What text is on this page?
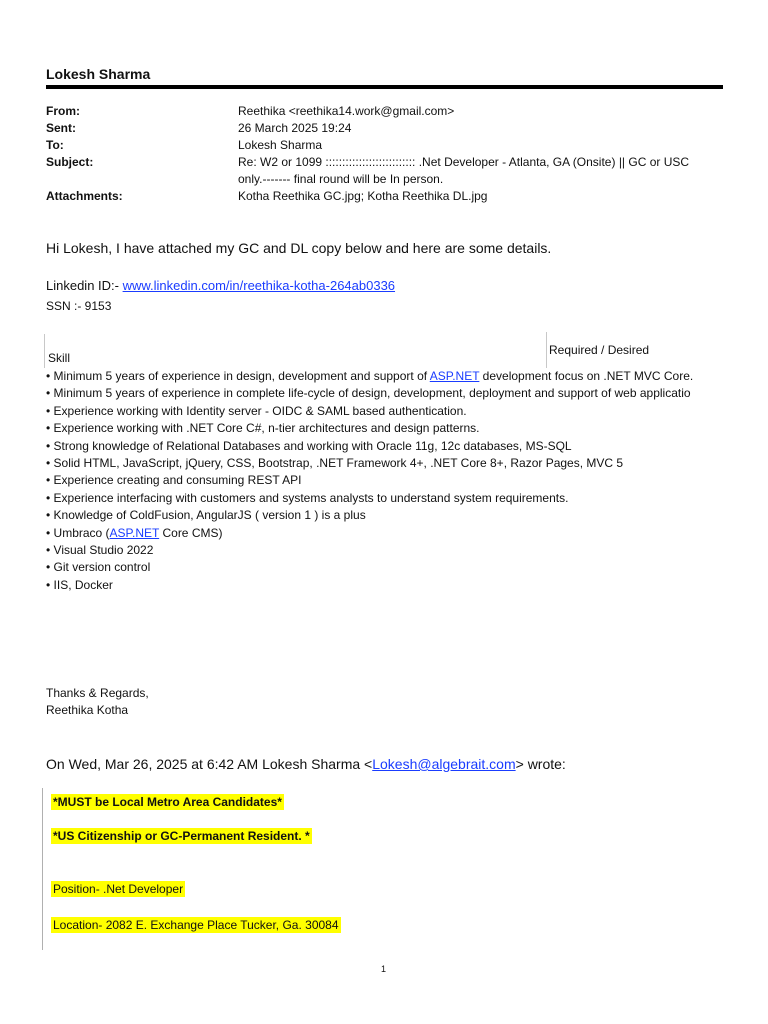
Lokesh Sharma
From:	Reethika <reethika14.work@gmail.com>
Sent:	26 March 2025 19:24
To:	Lokesh Sharma
Subject:	Re: W2 or 1099 ::::::::::::::::::::::::::: .Net Developer - Atlanta, GA (Onsite) || GC or USC
only.------- final round will be In person.
Attachments:	Kotha Reethika GC.jpg; Kotha Reethika DL.jpg
Hi Lokesh, I have attached my GC and DL copy below and here are some details.
Linkedin ID:- www.linkedin.com/in/reethika-kotha-264ab0336
SSN :- 9153
Skill
Required / Desired
• Minimum 5 years of experience in design, development and support of ASP.NET development focus on .NET MVC Core.
• Minimum 5 years of experience in complete life-cycle of design, development, deployment and support of web applicatio
• Experience working with Identity server - OIDC & SAML based authentication.
• Experience working with .NET Core C#, n-tier architectures and design patterns.
• Strong knowledge of Relational Databases and working with Oracle 11g, 12c databases, MS-SQL
• Solid HTML, JavaScript, jQuery, CSS, Bootstrap, .NET Framework 4+, .NET Core 8+, Razor Pages, MVC 5
• Experience creating and consuming REST API
• Experience interfacing with customers and systems analysts to understand system requirements.
• Knowledge of ColdFusion, AngularJS ( version 1 ) is a plus
• Umbraco (ASP.NET Core CMS)
• Visual Studio 2022
• Git version control
• IIS, Docker
Thanks & Regards,
Reethika Kotha
On Wed, Mar 26, 2025 at 6:42 AM Lokesh Sharma <Lokesh@algebrait.com> wrote:
*MUST be Local Metro Area Candidates*
*US Citizenship or GC-Permanent Resident. *
Position- .Net Developer
Location- 2082 E. Exchange Place Tucker, Ga. 30084
1
